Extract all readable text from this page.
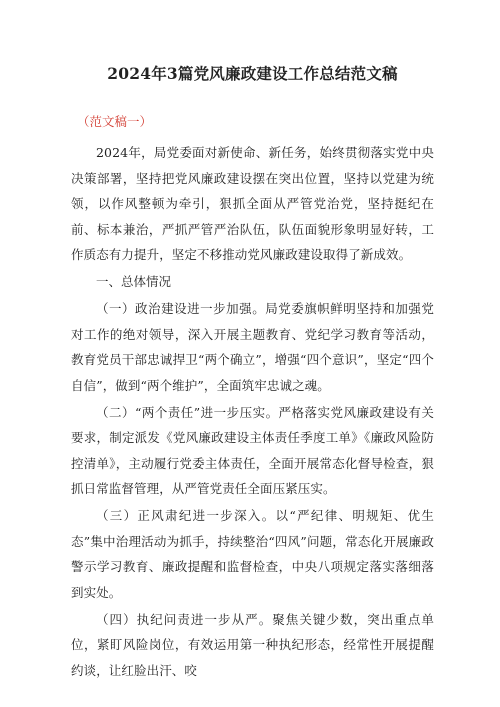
2024年3篇党风廉政建设工作总结范文稿
（范文稿一）

2024年，局党委面对新使命、新任务，始终贯彻落实党中央决策部署，坚持把党风廉政建设摆在突出位置，坚持以党建为统领，以作风整顿为牵引，狠抓全面从严管党治党，坚持挺纪在前、标本兼治，严抓严管严治队伍，队伍面貌形象明显好转，工作质态有力提升，坚定不移推动党风廉政建设取得了新成效。

一、总体情况

（一）政治建设进一步加强。局党委旗帜鲜明坚持和加强党对工作的绝对领导，深入开展主题教育、党纪学习教育等活动，教育党员干部忠诚捍卫“两个确立”，增强“四个意识”，坚定“四个自信”，做到“两个维护”，全面筑牢忠诚之魂。

（二）“两个责任”进一步压实。严格落实党风廉政建设有关要求，制定派发《党风廉政建设主体责任季度工单》《廉政风险防控清单》，主动履行党委主体责任，全面开展常态化督导检查，狠抓日常监督管理，从严管党责任全面压紧压实。

（三）正风肃纪进一步深入。以“严纪律、明规矩、优生态”集中治理活动为抓手，持续整治“四风”问题，常态化开展廉政警示学习教育、廉政提醒和监督检查，中央八项规定落实落细落到实处。

（四）执纪问责进一步从严。聚焦关键少数，突出重点单位，紧盯风险岗位，有效运用第一种执纪形态，经常性开展提醒约谈，让红脸出汗、咬
